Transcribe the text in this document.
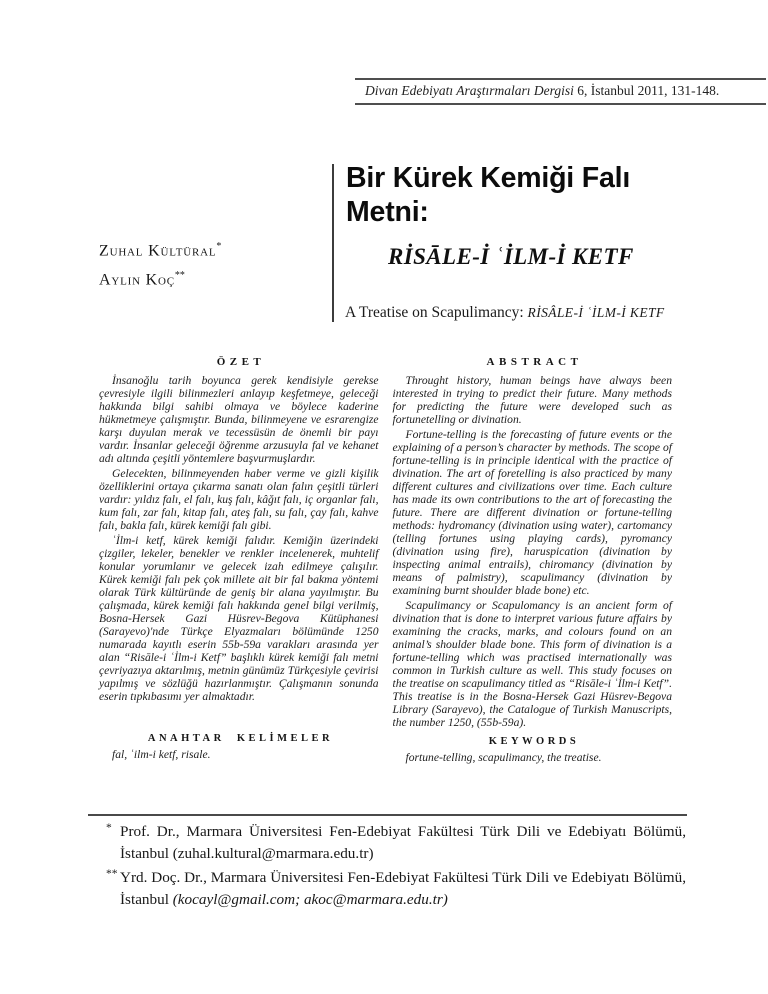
Divan Edebiyatı Araştırmaları Dergisi 6, İstanbul 2011, 131-148.
Zuhal Kültüral*
Aylin Koç**
Bir Kürek Kemiği Falı Metni:
RİSĀLE-İ ʿİLM-İ KETF
A Treatise on Scapulimancy: RİSÂLE-İ ʿİLM-İ KETF
ÖZET

İnsanoğlu tarih boyunca gerek kendisiyle gerekse çevresiyle ilgili bilinmezleri anlayıp keşfetmeye, geleceği hakkında bilgi sahibi olmaya ve böylece kaderine hükmetmeye çalışmıştır. Bunda, bilinmeyene ve esrarengize karşı duyulan merak ve tecessüsün de önemli bir payı vardır. İnsanlar geleceği öğrenme arzusuyla fal ve kehanet adı altında çeşitli yöntemlere başvurmuşlardır.

Gelecekten, bilinmeyenden haber verme ve gizli kişilik özelliklerini ortaya çıkarma sanatı olan falın çeşitli türleri vardır: yıldız falı, el falı, kuş falı, kâğıt falı, iç organlar falı, kum falı, zar falı, kitap falı, ateş falı, su falı, çay falı, kahve falı, bakla falı, kürek kemiği falı gibi.

ʿİlm-i ketf, kürek kemiği falıdır. Kemiğin üzerindeki çizgiler, lekeler, benekler ve renkler incelenerek, muhtelif konular yorumlanır ve gelecek izah edilmeye çalışılır. Kürek kemiği falı pek çok millete ait bir fal bakma yöntemi olarak Türk kültüründe de geniş bir alana yayılmıştır. Bu çalışmada, kürek kemiği falı hakkında genel bilgi verilmiş, Bosna-Hersek Gazi Hüsrev-Begova Kütüphanesi (Sarayevo)'nde Türkçe Elyazmaları bölümünde 1250 numarada kayıtlı eserin 55b-59a varakları arasında yer alan “Risāle-i ʿİlm-i Ketf” başlıklı kürek kemiği falı metni çevriyazıya aktarılmış, metnin günümüz Türkçesiyle çevirisi yapılmış ve sözlüğü hazırlanmıştır. Çalışmanın sonunda eserin tıpkıbasımı yer almaktadır.

ANAHTAR KELİMELER
fal, ʿilm-i ketf, risale.
ABSTRACT

Throught history, human beings have always been interested in trying to predict their future. Many methods for predicting the future were developed such as fortunetelling or divination.

Fortune-telling is the forecasting of future events or the explaining of a person’s character by methods. The scope of fortune-telling is in principle identical with the practice of divination. The art of foretelling is also practiced by many different cultures and civilizations over time. Each culture has made its own contributions to the art of forecasting the future. There are different divination or fortune-telling methods: hydromancy (divination using water), cartomancy (telling fortunes using playing cards), pyromancy (divination using fire), haruspication (divination by inspecting animal entrails), chiromancy (divination by means of palmistry), scapulimancy (divination by examining burnt shoulder blade bone) etc.

Scapulimancy or Scapulomancy is an ancient form of divination that is done to interpret various future affairs by examining the cracks, marks, and colours found on an animal’s shoulder blade bone. This form of divination is a fortune-telling which was practised internationally was common in Turkish culture as well. This study focuses on the treatise on scapulimancy titled as “Risāle-i ʿİlm-i Ketf”. This treatise is in the Bosna-Hersek Gazi Hüsrev-Begova Library (Sarayevo), the Catalogue of Turkish Manuscripts, the number 1250, (55b-59a).

KEYWORDS
fortune-telling, scapulimancy, the treatise.
* Prof. Dr., Marmara Üniversitesi Fen-Edebiyat Fakültesi Türk Dili ve Edebiyatı Bölümü, İstanbul (zuhal.kultural@marmara.edu.tr)
** Yrd. Doç. Dr., Marmara Üniversitesi Fen-Edebiyat Fakültesi Türk Dili ve Edebiyatı Bölümü, İstanbul (kocayl@gmail.com; akoc@marmara.edu.tr)
